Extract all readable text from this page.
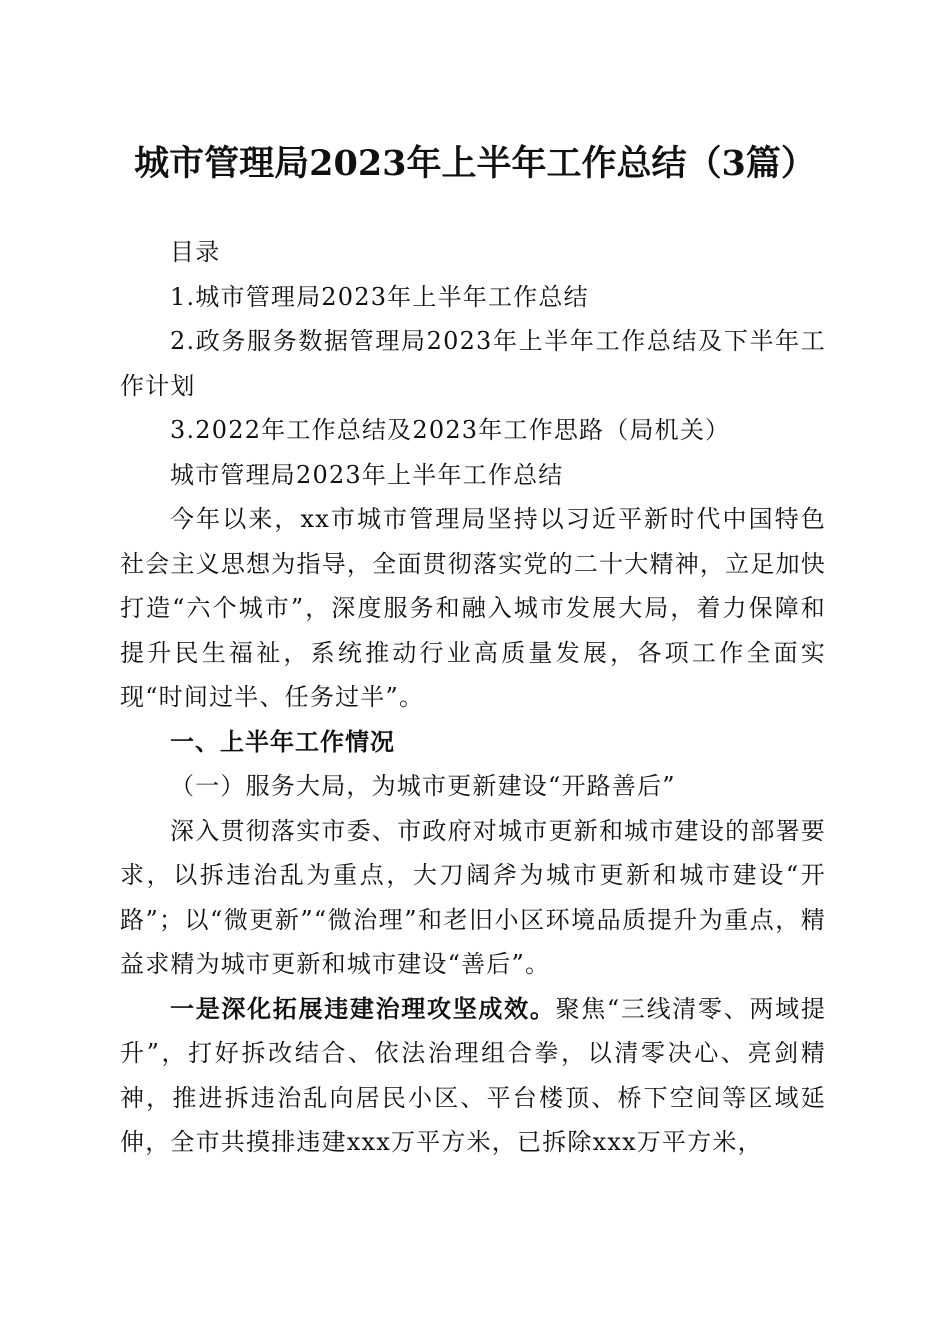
城市管理局2023年上半年工作总结（3篇）

目录

1.城市管理局2023年上半年工作总结

2.政务服务数据管理局2023年上半年工作总结及下半年工作计划

3.2022年工作总结及2023年工作思路（局机关）

城市管理局2023年上半年工作总结

今年以来，xx市城市管理局坚持以习近平新时代中国特色社会主义思想为指导，全面贯彻落实党的二十大精神，立足加快打造“六个城市”，深度服务和融入城市发展大局，着力保障和提升民生福祉，系统推动行业高质量发展，各项工作全面实现“时间过半、任务过半”。

一、上半年工作情况

（一）服务大局，为城市更新建设“开路善后”

深入贯彻落实市委、市政府对城市更新和城市建设的部署要求，以拆违治乱为重点，大刀阔斧为城市更新和城市建设“开路”；以“微更新”“微治理”和老旧小区环境品质提升为重点，精益求精为城市更新和城市建设“善后”。

一是深化拓展违建治理攻坚成效。聚焦“三线清零、两域提升”，打好拆改结合、依法治理组合拳，以清零决心、亮剑精神，推进拆违治乱向居民小区、平台楼顶、桥下空间等区域延伸，全市共摸排违建xxx万平方米，已拆除xxx万平方米，
